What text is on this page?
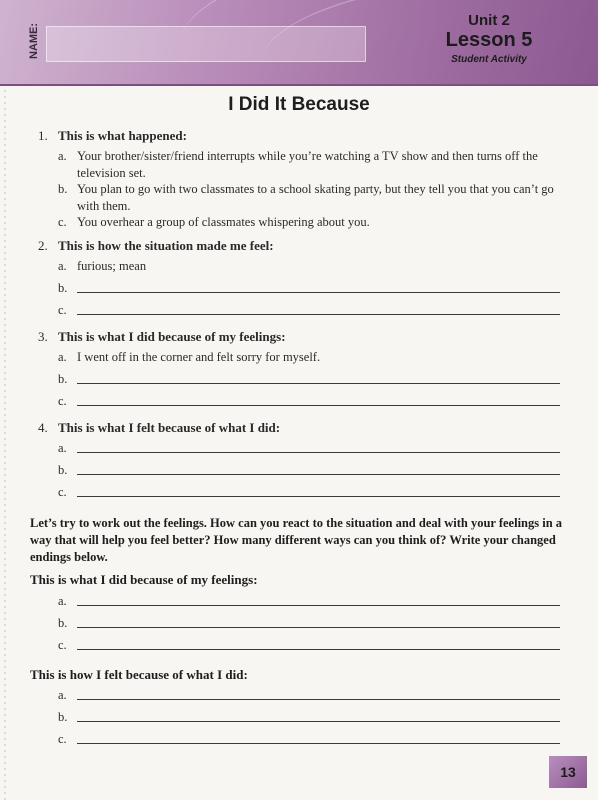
NAME:
Unit 2
Lesson 5
Student Activity
I Did It Because
1. This is what happened:
a. Your brother/sister/friend interrupts while you’re watching a TV show and then turns off the television set.
b. You plan to go with two classmates to a school skating party, but they tell you that you can’t go with them.
c. You overhear a group of classmates whispering about you.
2. This is how the situation made me feel:
a. furious; mean
b.
c.
3. This is what I did because of my feelings:
a. I went off in the corner and felt sorry for myself.
b.
c.
4. This is what I felt because of what I did:
a.
b.
c.
Let’s try to work out the feelings. How can you react to the situation and deal with your feelings in a way that will help you feel better? How many different ways can you think of? Write your changed endings below.
This is what I did because of my feelings:
a.
b.
c.
This is how I felt because of what I did:
a.
b.
c.
13
